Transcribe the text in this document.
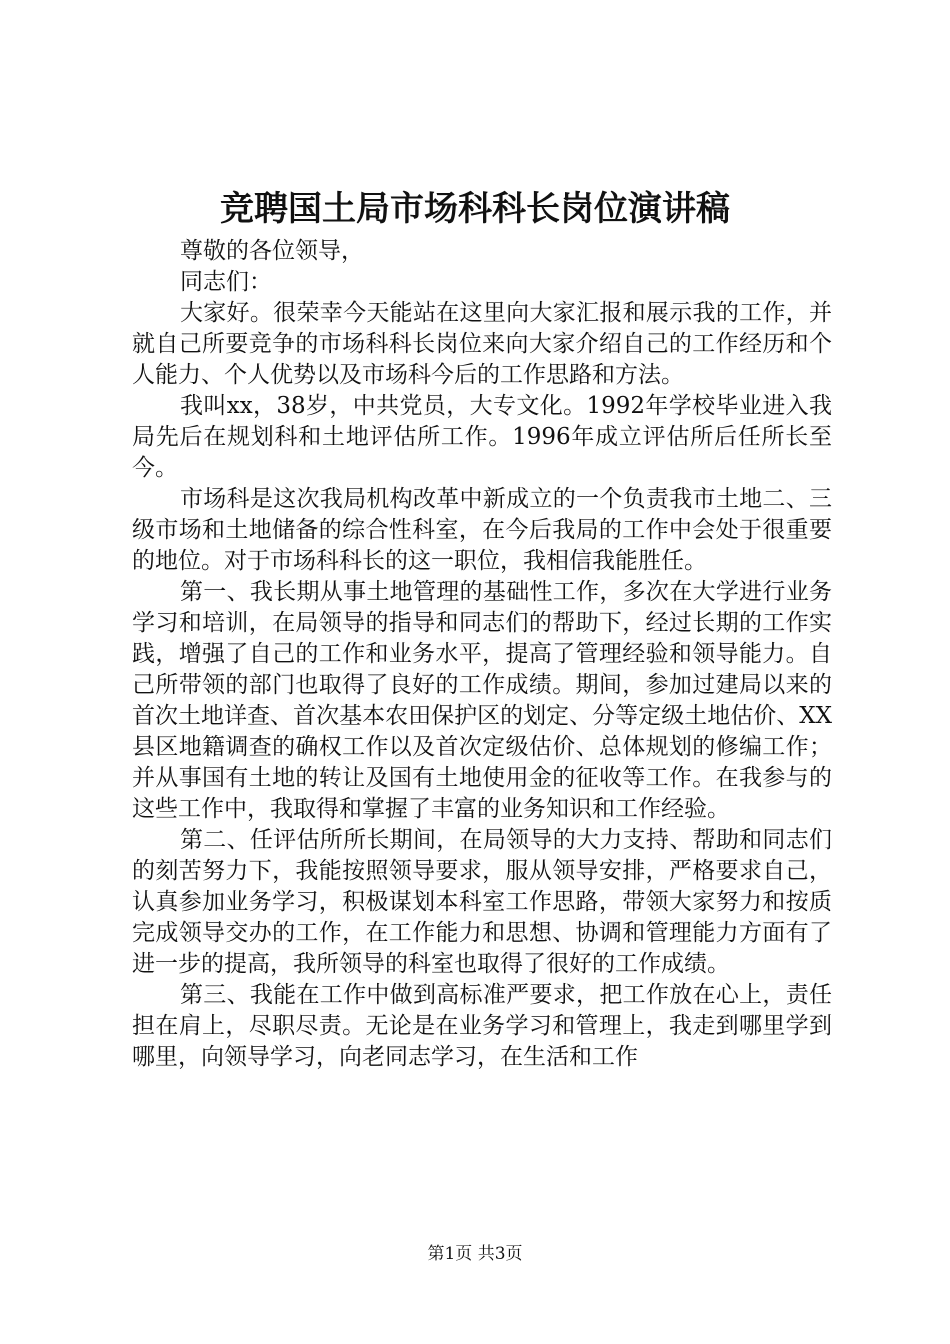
竞聘国土局市场科科长岗位演讲稿

尊敬的各位领导，

同志们：

大家好。很荣幸今天能站在这里向大家汇报和展示我的工作，并就自己所要竞争的市场科科长岗位来向大家介绍自己的工作经历和个人能力、个人优势以及市场科今后的工作思路和方法。

我叫xx，38岁，中共党员，大专文化。1992年学校毕业进入我局先后在规划科和土地评估所工作。1996年成立评估所后任所长至今。

市场科是这次我局机构改革中新成立的一个负责我市土地二、三级市场和土地储备的综合性科室，在今后我局的工作中会处于很重要的地位。对于市场科科长的这一职位，我相信我能胜任。

第一、我长期从事土地管理的基础性工作，多次在大学进行业务学习和培训，在局领导的指导和同志们的帮助下，经过长期的工作实践，增强了自己的工作和业务水平，提高了管理经验和领导能力。自己所带领的部门也取得了良好的工作成绩。期间，参加过建局以来的首次土地详查、首次基本农田保护区的划定、分等定级土地估价、XX县区地籍调查的确权工作以及首次定级估价、总体规划的修编工作；并从事国有土地的转让及国有土地使用金的征收等工作。在我参与的这些工作中，我取得和掌握了丰富的业务知识和工作经验。

第二、任评估所所长期间，在局领导的大力支持、帮助和同志们的刻苦努力下，我能按照领导要求，服从领导安排，严格要求自己，认真参加业务学习，积极谋划本科室工作思路，带领大家努力和按质完成领导交办的工作，在工作能力和思想、协调和管理能力方面有了进一步的提高，我所领导的科室也取得了很好的工作成绩。

第三、我能在工作中做到高标准严要求，把工作放在心上，责任担在肩上，尽职尽责。无论是在业务学习和管理上，我走到哪里学到哪里，向领导学习，向老同志学习，在生活和工作

第1页 共3页
